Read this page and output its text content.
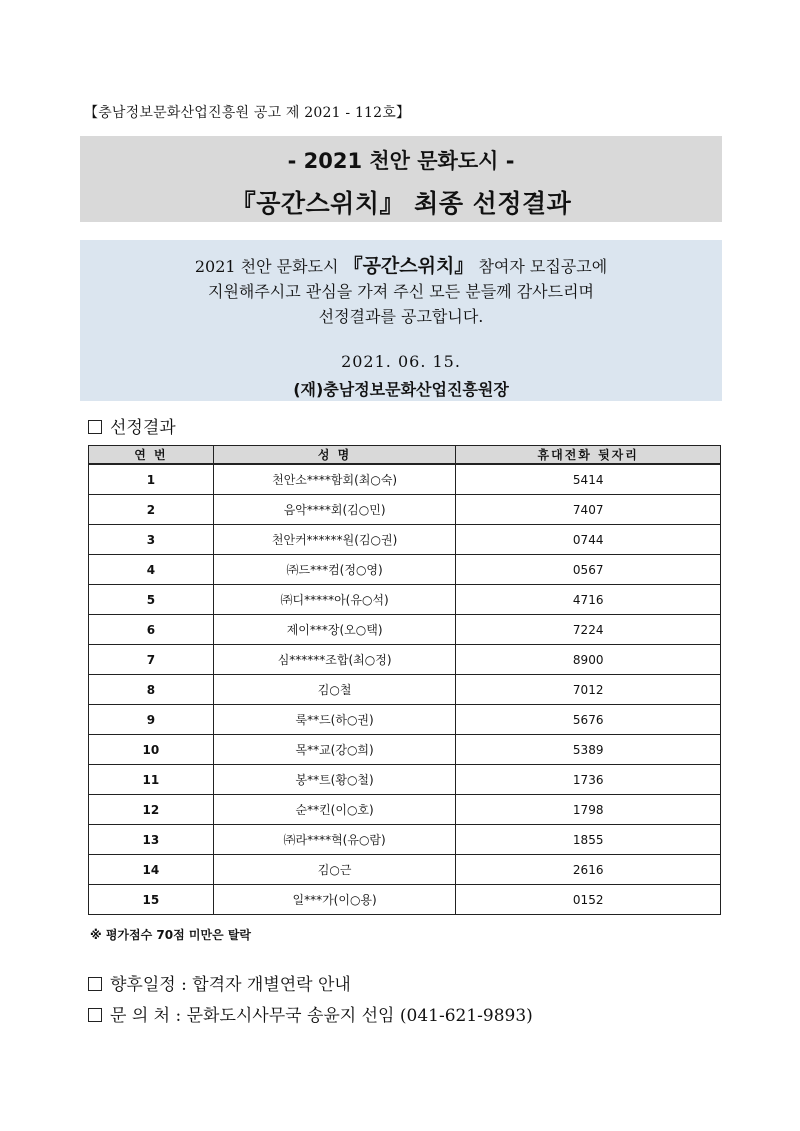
【충남정보문화산업진흥원 공고 제 2021 - 112호】
- 2021 천안 문화도시 -
『공간스위치』 최종 선정결과
2021 천안 문화도시 『공간스위치』 참여자 모집공고에
지원해주시고 관심을 가져 주신 모든 분들께 감사드리며
선정결과를 공고합니다.
2021. 06. 15.
(재)충남정보문화산업진흥원장
선정결과
연 번	성 명	휴대전화 뒷자리
1	천안소****함회(최○숙)	5414
2	음악****회(김○민)	7407
3	천안커******원(김○권)	0744
4	㈜드***컴(정○영)	0567
5	㈜디*****아(유○석)	4716
6	제이***장(오○택)	7224
7	심******조합(최○정)	8900
8	김○철	7012
9	룩**드(하○권)	5676
10	목**교(강○희)	5389
11	봉**트(황○철)	1736
12	순**킨(이○호)	1798
13	㈜라****혁(유○람)	1855
14	김○근	2616
15	일***가(이○용)	0152
※ 평가점수 70점 미만은 탈락
향후일정 : 합격자 개별연락 안내
문 의 처 : 문화도시사무국 송윤지 선임 (041-621-9893)
